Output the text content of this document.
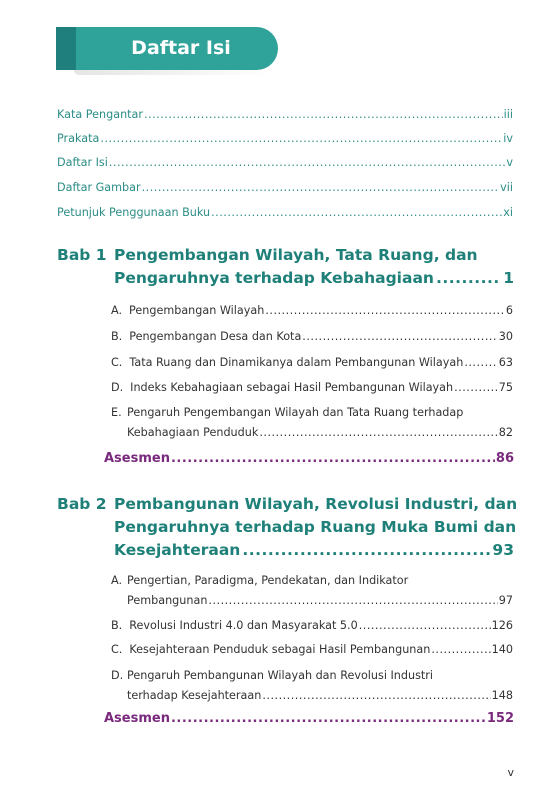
Daftar Isi
Kata Pengantar .....	iii
Prakata .....	iv
Daftar Isi .....	v
Daftar Gambar .....	vii
Petunjuk Penggunaan Buku .....	xi
Bab 1 Pengembangan Wilayah, Tata Ruang, dan
Pengaruhnya terhadap Kebahagiaan .....	1
A. Pengembangan Wilayah .....	6
B. Pengembangan Desa dan Kota .....	30
C. Tata Ruang dan Dinamikanya dalam Pembangunan Wilayah .....	63
D. Indeks Kebahagiaan sebagai Hasil Pembangunan Wilayah .....	75
E. Pengaruh Pengembangan Wilayah dan Tata Ruang terhadap
Kebahagiaan Penduduk .....	82
Asesmen .....	86
Bab 2 Pembangunan Wilayah, Revolusi Industri, dan
Pengaruhnya terhadap Ruang Muka Bumi dan
Kesejahteraan .....	93
A. Pengertian, Paradigma, Pendekatan, dan Indikator
Pembangunan .....	97
B. Revolusi Industri 4.0 dan Masyarakat 5.0 .....	126
C. Kesejahteraan Penduduk sebagai Hasil Pembangunan .....	140
D. Pengaruh Pembangunan Wilayah dan Revolusi Industri
terhadap Kesejahteraan .....	148
Asesmen .....	152
v
